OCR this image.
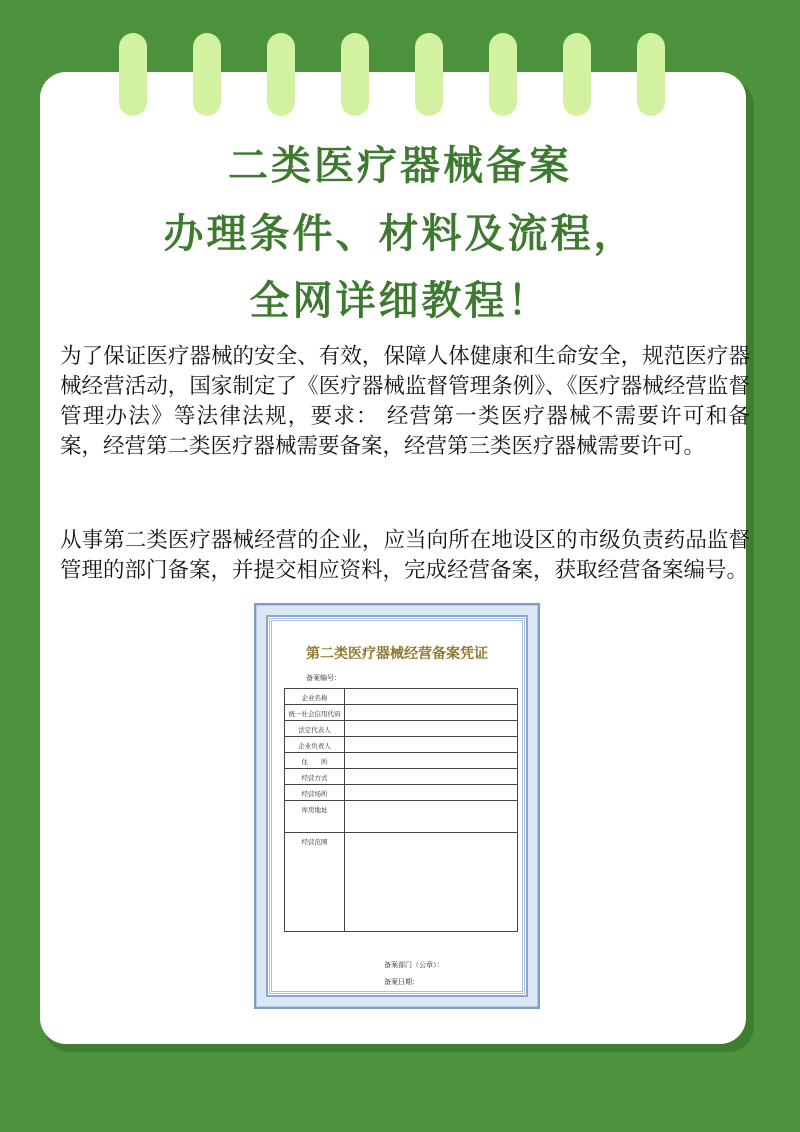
二类医疗器械备案
办理条件、材料及流程，
全网详细教程！

为了保证医疗器械的安全、有效，保障人体健康和生命安全，规范医疗器械经营活动，国家制定了《医疗器械监督管理条例》、《医疗器械经营监督管理办法》等法律法规，要求： 经营第一类医疗器械不需要许可和备案，经营第二类医疗器械需要备案，经营第三类医疗器械需要许可。

从事第二类医疗器械经营的企业，应当向所在地设区的市级负责药品监督管理的部门备案，并提交相应资料，完成经营备案，获取经营备案编号。

第二类医疗器械经营备案凭证
备案编号：
企业名称
统一社会信用代码
法定代表人
企业负责人
住　　所
经营方式
经营场所
库房地址
经营范围
备案部门（公章）：
备案日期：
